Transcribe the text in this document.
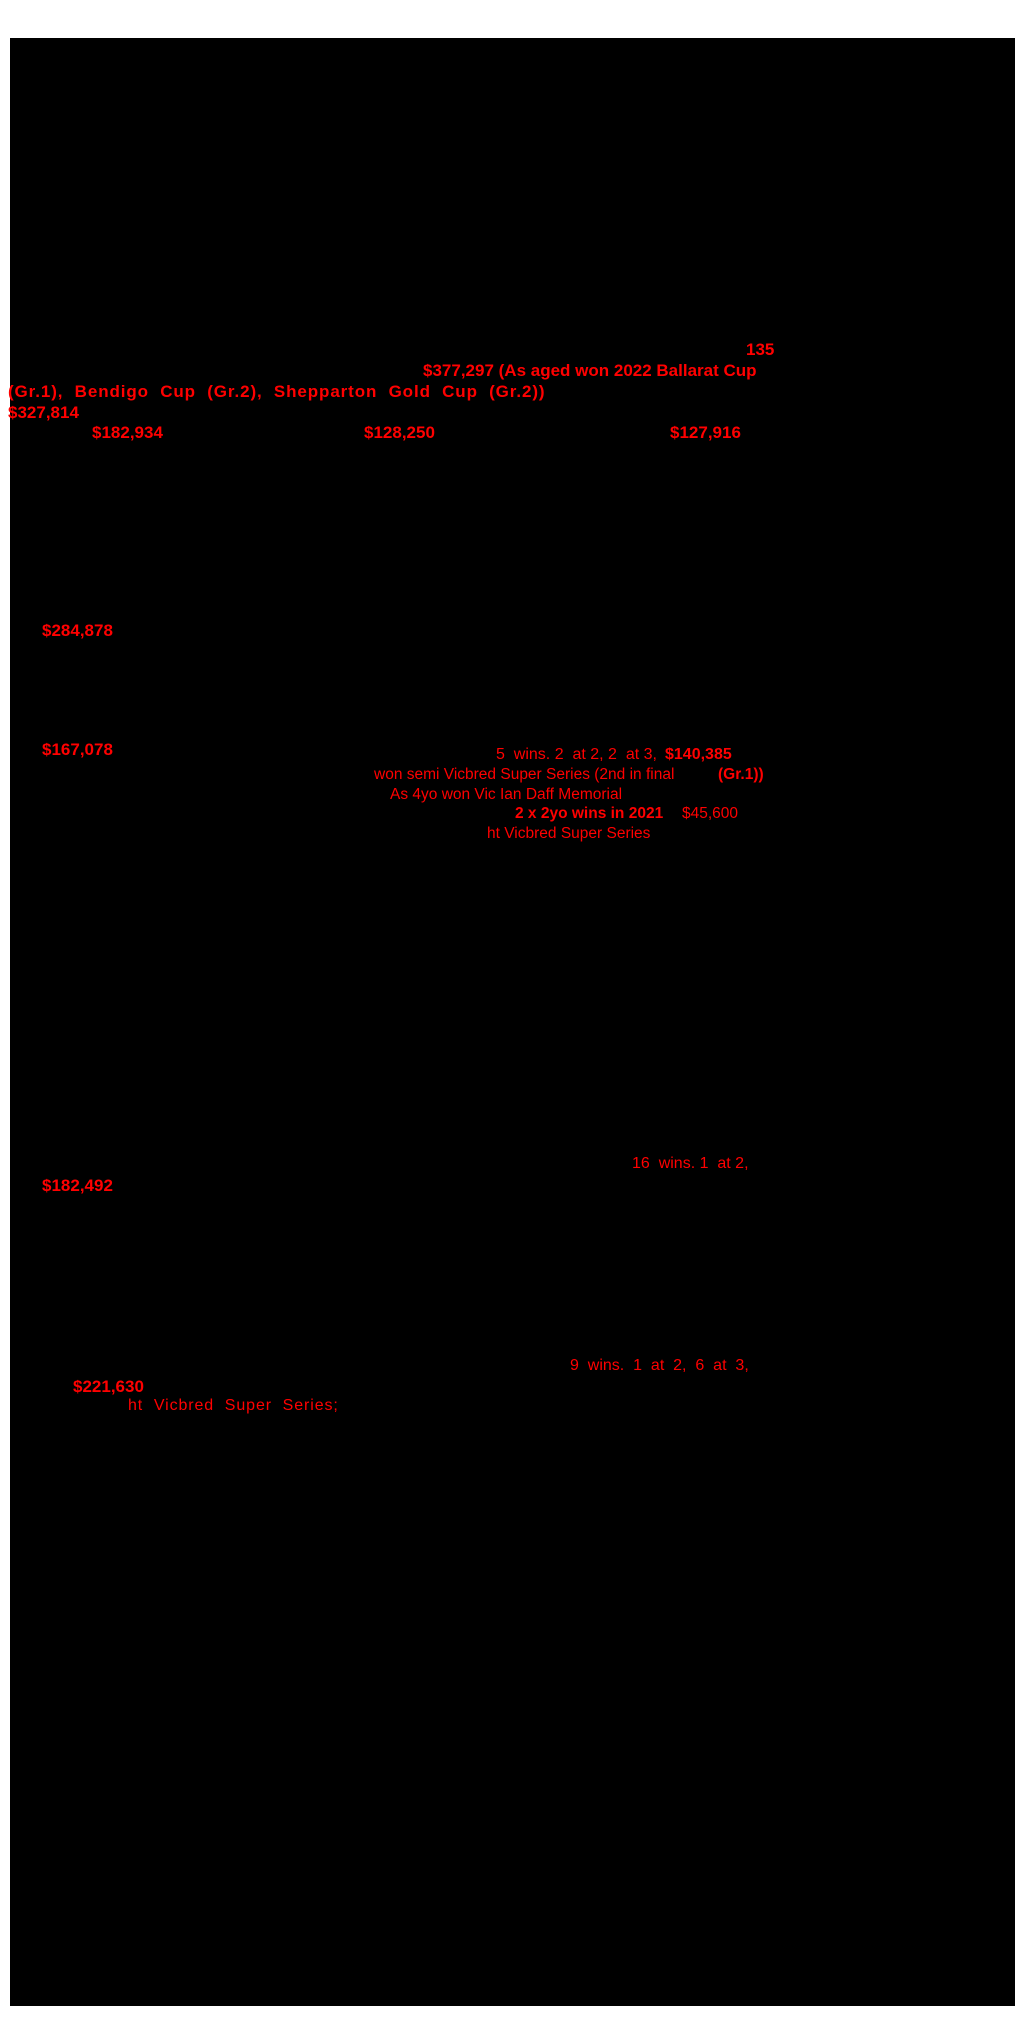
135
$377,297 (As aged won 2022 Ballarat Cup
(Gr.1),  Bendigo  Cup  (Gr.2),  Shepparton  Gold  Cup  (Gr.2))
$327,814
$182,934	$128,250	$127,916
$284,878
$167,078	5  wins. 2  at 2, 2  at 3, $140,385
won semi Vicbred Super Series (2nd in final	(Gr.1))
As 4yo won Vic Ian Daff Memorial
2 x 2yo wins in 2021 $45,600
ht Vicbred Super Series
16  wins. 1  at 2,
$182,492
9  wins.  1  at  2,  6  at  3,
$221,630
ht  Vicbred  Super  Series;
